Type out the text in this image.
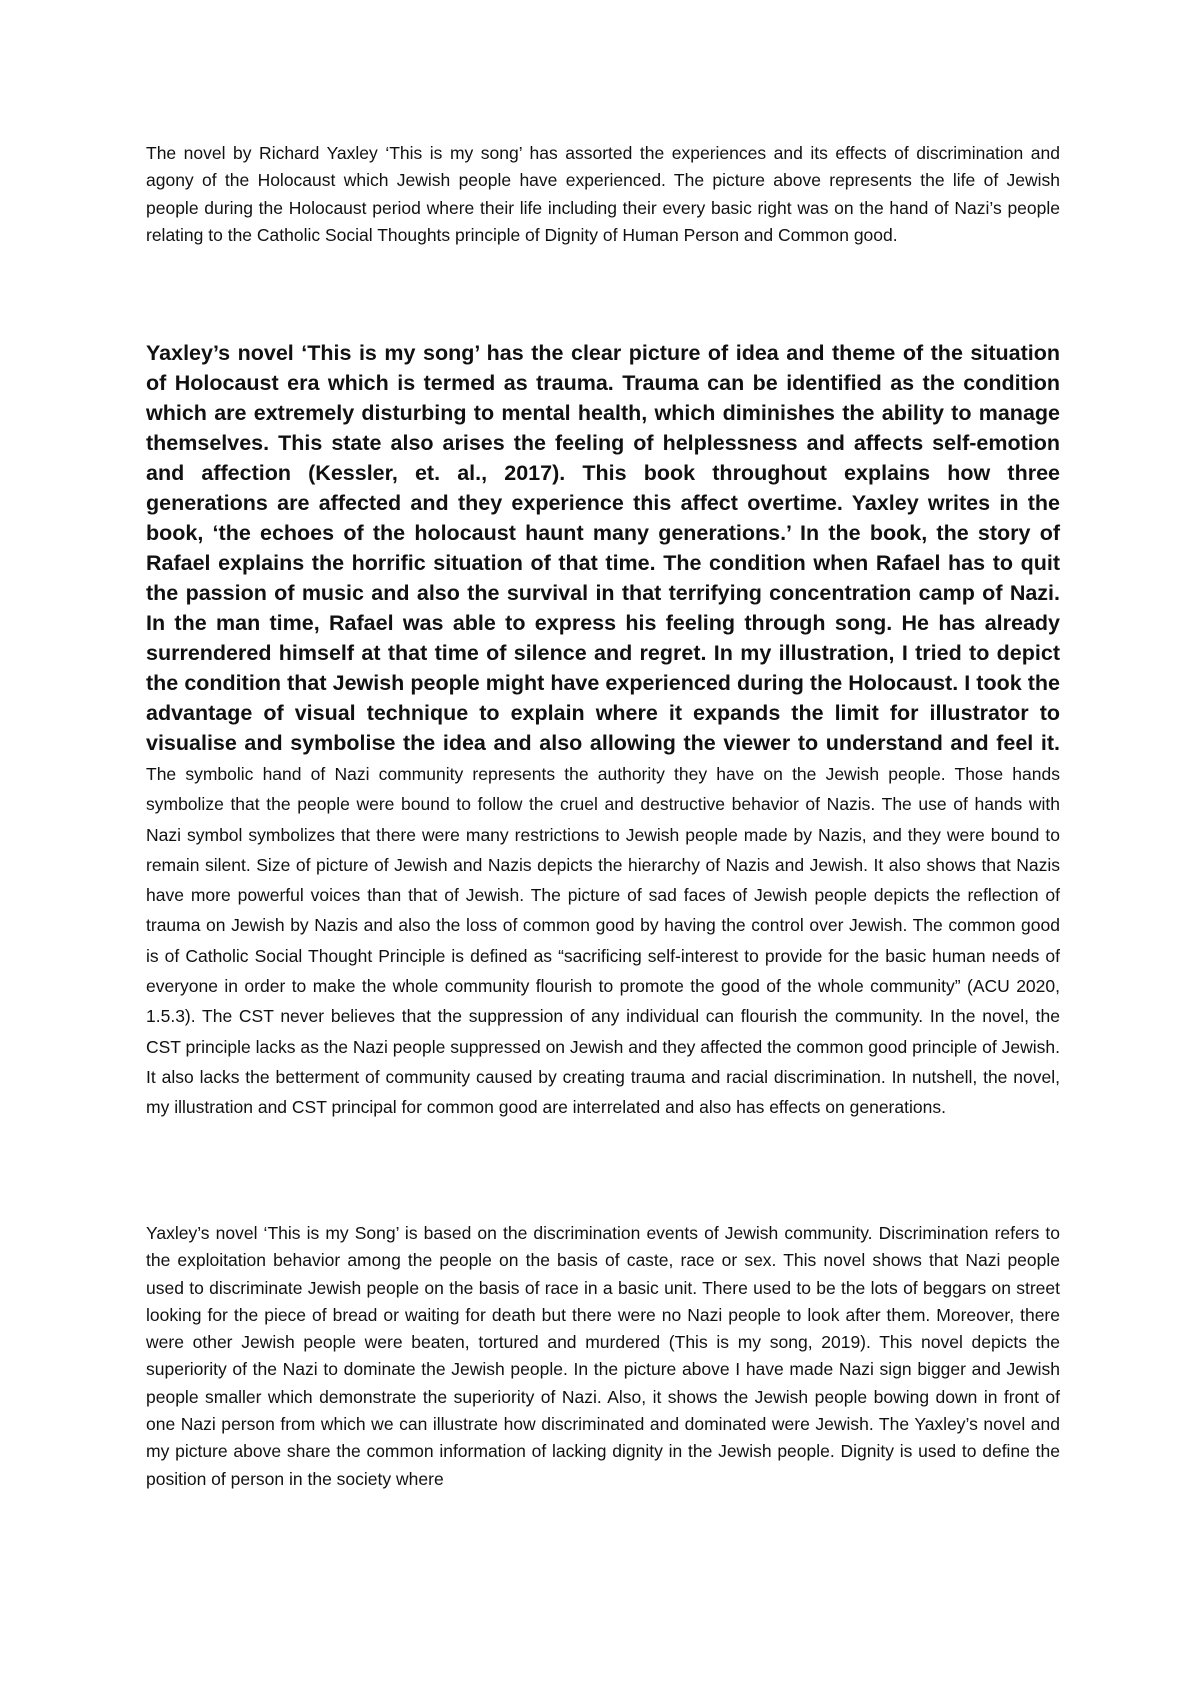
The novel by Richard Yaxley ‘This is my song’ has assorted the experiences and its effects of discrimination and agony of the Holocaust which Jewish people have experienced. The picture above represents the life of Jewish people during the Holocaust period where their life including their every basic right was on the hand of Nazi’s people relating to the Catholic Social Thoughts principle of Dignity of Human Person and Common good.

Yaxley’s novel ‘This is my song’ has the clear picture of idea and theme of the situation of Holocaust era which is termed as trauma. Trauma can be identified as the condition which are extremely disturbing to mental health, which diminishes the ability to manage themselves. This state also arises the feeling of helplessness and affects self-emotion and affection (Kessler, et. al., 2017). This book throughout explains how three generations are affected and they experience this affect overtime. Yaxley writes in the book, ‘the echoes of the holocaust haunt many generations.’ In the book, the story of Rafael explains the horrific situation of that time. The condition when Rafael has to quit the passion of music and also the survival in that terrifying concentration camp of Nazi. In the man time, Rafael was able to express his feeling through song. He has already surrendered himself at that time of silence and regret. In my illustration, I tried to depict the condition that Jewish people might have experienced during the Holocaust. I took the advantage of visual technique to explain where it expands the limit for illustrator to visualise and symbolise the idea and also allowing the viewer to understand and feel it. The symbolic hand of Nazi community represents the authority they have on the Jewish people. Those hands symbolize that the people were bound to follow the cruel and destructive behavior of Nazis. The use of hands with Nazi symbol symbolizes that there were many restrictions to Jewish people made by Nazis, and they were bound to remain silent. Size of picture of Jewish and Nazis depicts the hierarchy of Nazis and Jewish. It also shows that Nazis have more powerful voices than that of Jewish. The picture of sad faces of Jewish people depicts the reflection of trauma on Jewish by Nazis and also the loss of common good by having the control over Jewish. The common good is of Catholic Social Thought Principle is defined as “sacrificing self-interest to provide for the basic human needs of everyone in order to make the whole community flourish to promote the good of the whole community” (ACU 2020, 1.5.3). The CST never believes that the suppression of any individual can flourish the community. In the novel, the CST principle lacks as the Nazi people suppressed on Jewish and they affected the common good principle of Jewish. It also lacks the betterment of community caused by creating trauma and racial discrimination. In nutshell, the novel, my illustration and CST principal for common good are interrelated and also has effects on generations.

Yaxley’s novel ‘This is my Song’ is based on the discrimination events of Jewish community. Discrimination refers to the exploitation behavior among the people on the basis of caste, race or sex. This novel shows that Nazi people used to discriminate Jewish people on the basis of race in a basic unit. There used to be the lots of beggars on street looking for the piece of bread or waiting for death but there were no Nazi people to look after them. Moreover, there were other Jewish people were beaten, tortured and murdered (This is my song, 2019). This novel depicts the superiority of the Nazi to dominate the Jewish people. In the picture above I have made Nazi sign bigger and Jewish people smaller which demonstrate the superiority of Nazi. Also, it shows the Jewish people bowing down in front of one Nazi person from which we can illustrate how discriminated and dominated were Jewish. The Yaxley’s novel and my picture above share the common information of lacking dignity in the Jewish people. Dignity is used to define the position of person in the society where
